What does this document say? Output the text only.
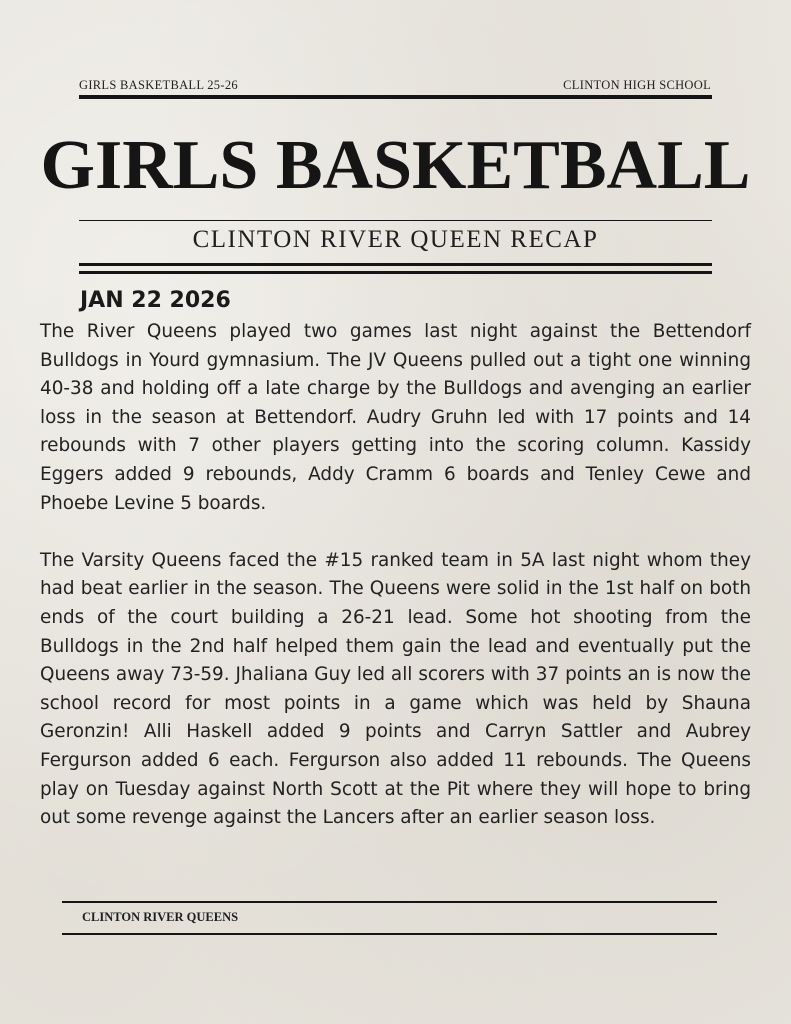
GIRLS BASKETBALL 25-26	CLINTON HIGH SCHOOL
GIRLS BASKETBALL
CLINTON RIVER QUEEN RECAP
JAN 22 2026

The River Queens played two games last night against the Bettendorf Bulldogs in Yourd gymnasium. The JV Queens pulled out a tight one winning 40-38 and holding off a late charge by the Bulldogs and avenging an earlier loss in the season at Bettendorf. Audry Gruhn led with 17 points and 14 rebounds with 7 other players getting into the scoring column. Kassidy Eggers added 9 rebounds, Addy Cramm 6 boards and Tenley Cewe and Phoebe Levine 5 boards.

The Varsity Queens faced the #15 ranked team in 5A last night whom they had beat earlier in the season. The Queens were solid in the 1st half on both ends of the court building a 26-21 lead. Some hot shooting from the Bulldogs in the 2nd half helped them gain the lead and eventually put the Queens away 73-59. Jhaliana Guy led all scorers with 37 points an is now the school record for most points in a game which was held by Shauna Geronzin! Alli Haskell added 9 points and Carryn Sattler and Aubrey Fergurson added 6 each. Fergurson also added 11 rebounds. The Queens play on Tuesday against North Scott at the Pit where they will hope to bring out some revenge against the Lancers after an earlier season loss.

CLINTON RIVER QUEENS
